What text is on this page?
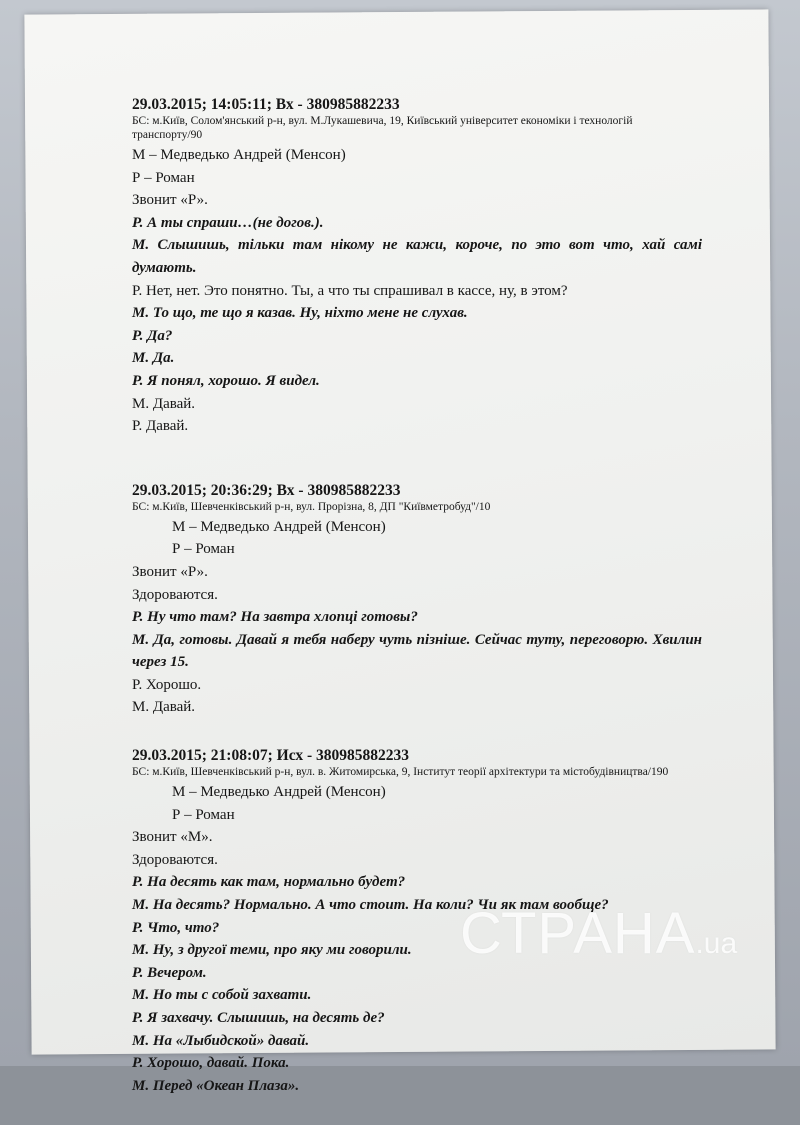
29.03.2015; 14:05:11; Вх - 380985882233
БС: м.Київ, Солом'янський р-н, вул. М.Лукашевича, 19, Київський університет економіки і технологій транспорту/90
М – Медведько Андрей (Менсон)
Р – Роман
Звонит «Р».
Р. А ты спраши…(не догов.).
М. Слышишь, тільки там нікому не кажи, короче, по это вот что, хай самі думають.
Р. Нет, нет. Это понятно. Ты, а что ты спрашивал в кассе, ну, в этом?
М. То що, те що я казав. Ну, ніхто мене не слухав.
Р. Да?
М. Да.
Р. Я понял, хорошо. Я видел.
М. Давай.
Р. Давай.
29.03.2015; 20:36:29; Вх - 380985882233
БС: м.Київ, Шевченківський р-н, вул. Прорізна, 8, ДП "Київметробуд"/10
М – Медведько Андрей (Менсон)
Р – Роман
Звонит «Р».
Здороваются.
Р. Ну что там? На завтра хлопці готовы?
М. Да, готовы. Давай я тебя наберу чуть пізніше. Сейчас туту, переговорю. Хвилин через 15.
Р. Хорошо.
М. Давай.
29.03.2015; 21:08:07; Исх - 380985882233
БС: м.Київ, Шевченківський р-н, вул. в. Житомирська, 9, Інститут теорії архітектури та містобудівництва/190
М – Медведько Андрей (Менсон)
Р – Роман
Звонит «М».
Здороваются.
Р. На десять как там, нормально будет?
М. На десять? Нормально. А что стоит. На коли? Чи як там вообще?
Р. Что, что?
М. Ну, з другої теми, про яку ми говорили.
Р. Вечером.
М. Но ты с собой захвати.
Р. Я захвачу. Слышишь, на десять де?
М. На «Лыбидской» давай.
Р. Хорошо, давай. Пока.
М. Перед «Океан Плаза».
СТРАНА.ua
